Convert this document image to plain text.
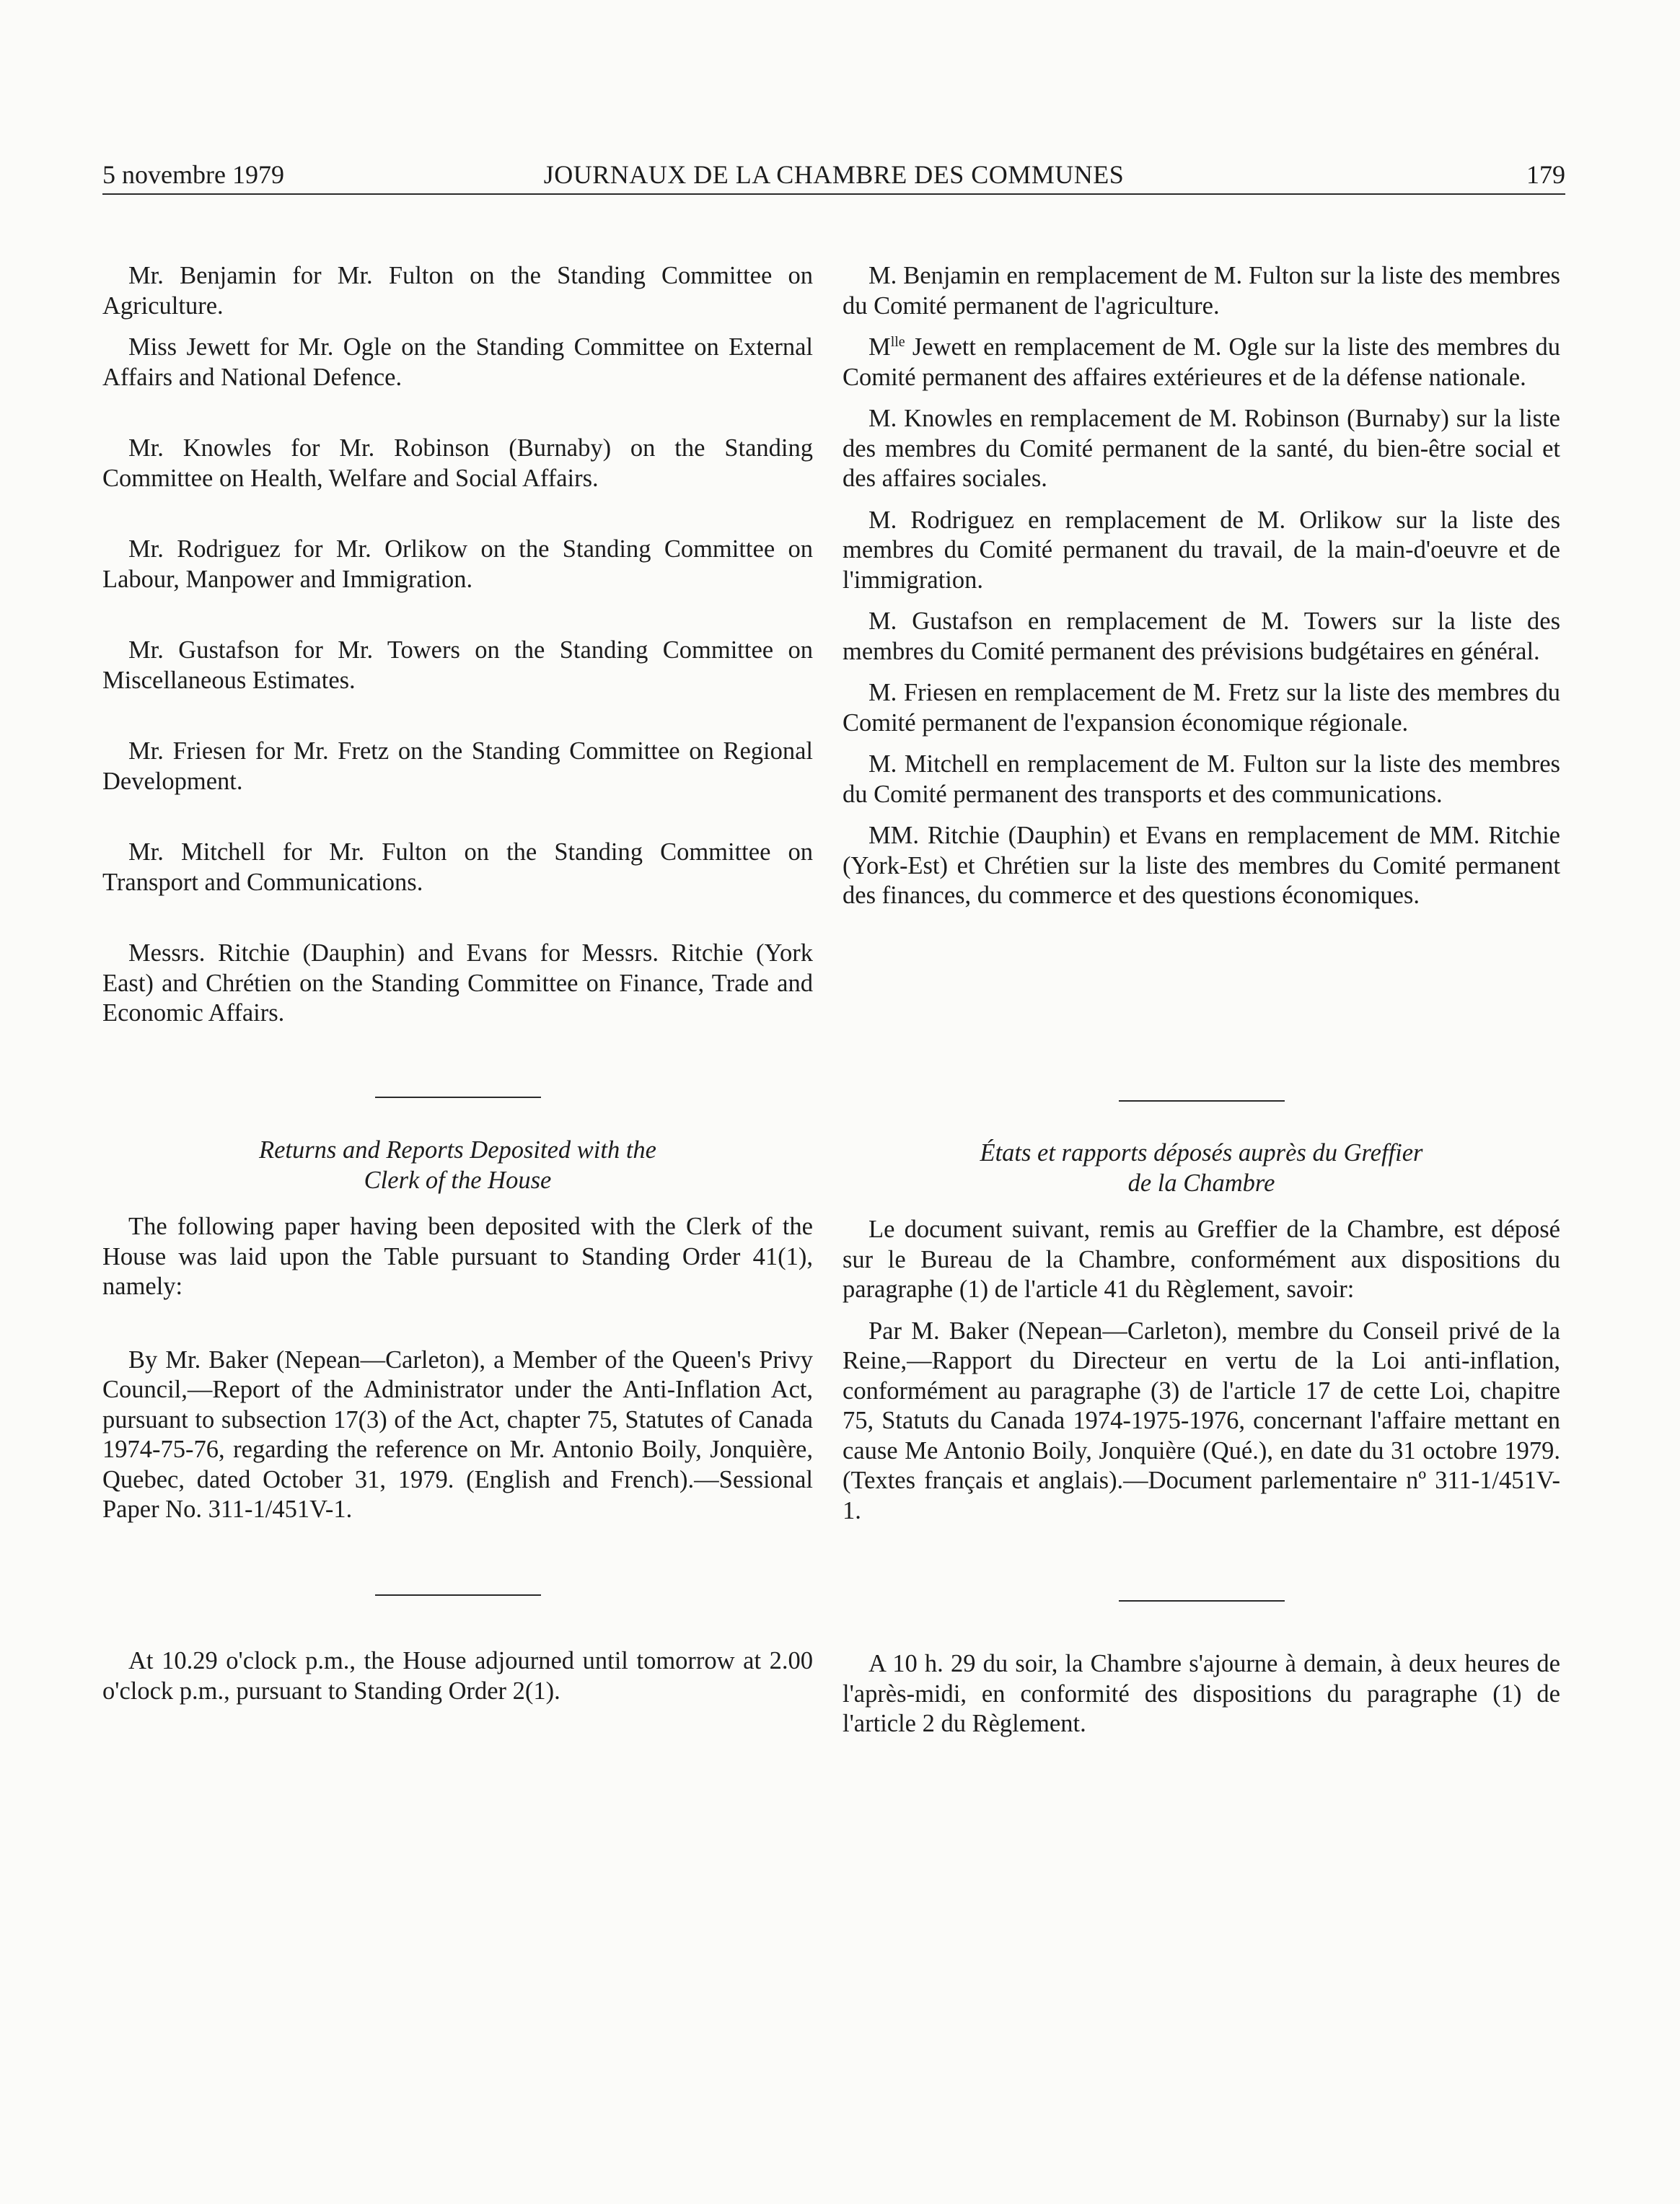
5 novembre 1979	JOURNAUX DE LA CHAMBRE DES COMMUNES	179

Mr. Benjamin for Mr. Fulton on the Standing Committee on Agriculture.

Miss Jewett for Mr. Ogle on the Standing Committee on External Affairs and National Defence.

Mr. Knowles for Mr. Robinson (Burnaby) on the Standing Committee on Health, Welfare and Social Affairs.

Mr. Rodriguez for Mr. Orlikow on the Standing Committee on Labour, Manpower and Immigration.

Mr. Gustafson for Mr. Towers on the Standing Committee on Miscellaneous Estimates.

Mr. Friesen for Mr. Fretz on the Standing Committee on Regional Development.

Mr. Mitchell for Mr. Fulton on the Standing Committee on Transport and Communications.

Messrs. Ritchie (Dauphin) and Evans for Messrs. Ritchie (York East) and Chrétien on the Standing Committee on Finance, Trade and Economic Affairs.

Returns and Reports Deposited with the

Clerk of the House

The following paper having been deposited with the Clerk of the House was laid upon the Table pursuant to Standing Order 41(1), namely:

By Mr. Baker (Nepean—Carleton), a Member of the Queen's Privy Council,—Report of the Administrator under the Anti-Inflation Act, pursuant to subsection 17(3) of the Act, chapter 75, Statutes of Canada 1974-75-76, regarding the reference on Mr. Antonio Boily, Jonquière, Quebec, dated October 31, 1979. (English and French).—Sessional Paper No. 311-1/451V-1.

At 10.29 o'clock p.m., the House adjourned until tomorrow at 2.00 o'clock p.m., pursuant to Standing Order 2(1).

M. Benjamin en remplacement de M. Fulton sur la liste des membres du Comité permanent de l'agriculture.

$M^{lle}$ Jewett en remplacement de M. Ogle sur la liste des membres du Comité permanent des affaires extérieures et de la défense nationale.

M. Knowles en remplacement de M. Robinson (Burnaby) sur la liste des membres du Comité permanent de la santé, du bien-être social et des affaires sociales.

M. Rodriguez en remplacement de M. Orlikow sur la liste des membres du Comité permanent du travail, de la main-d'oeuvre et de l'immigration.

M. Gustafson en remplacement de M. Towers sur la liste des membres du Comité permanent des prévisions budgétaires en général.

M. Friesen en remplacement de M. Fretz sur la liste des membres du Comité permanent de l'expansion économique régionale.

M. Mitchell en remplacement de M. Fulton sur la liste des membres du Comité permanent des transports et des communications.

MM. Ritchie (Dauphin) et Evans en remplacement de MM. Ritchie (York-Est) et Chrétien sur la liste des membres du Comité permanent des finances, du commerce et des questions économiques.

États et rapports déposés auprès du Greffier

de la Chambre

Le document suivant, remis au Greffier de la Chambre, est déposé sur le Bureau de la Chambre, conformément aux dispositions du paragraphe (1) de l'article 41 du Règlement, savoir:

Par M. Baker (Nepean—Carleton), membre du Conseil privé de la Reine,—Rapport du Directeur en vertu de la Loi anti-inflation, conformément au paragraphe (3) de l'article 17 de cette Loi, chapitre 75, Statuts du Canada 1974-1975-1976, concernant l'affaire mettant en cause Me Antonio Boily, Jonquière (Qué.), en date du 31 octobre 1979. (Textes français et anglais).—Document parlementaire nº 311-1/451V-1.

A 10 h. 29 du soir, la Chambre s'ajourne à demain, à deux heures de l'après-midi, en conformité des dispositions du paragraphe (1) de l'article 2 du Règlement.
